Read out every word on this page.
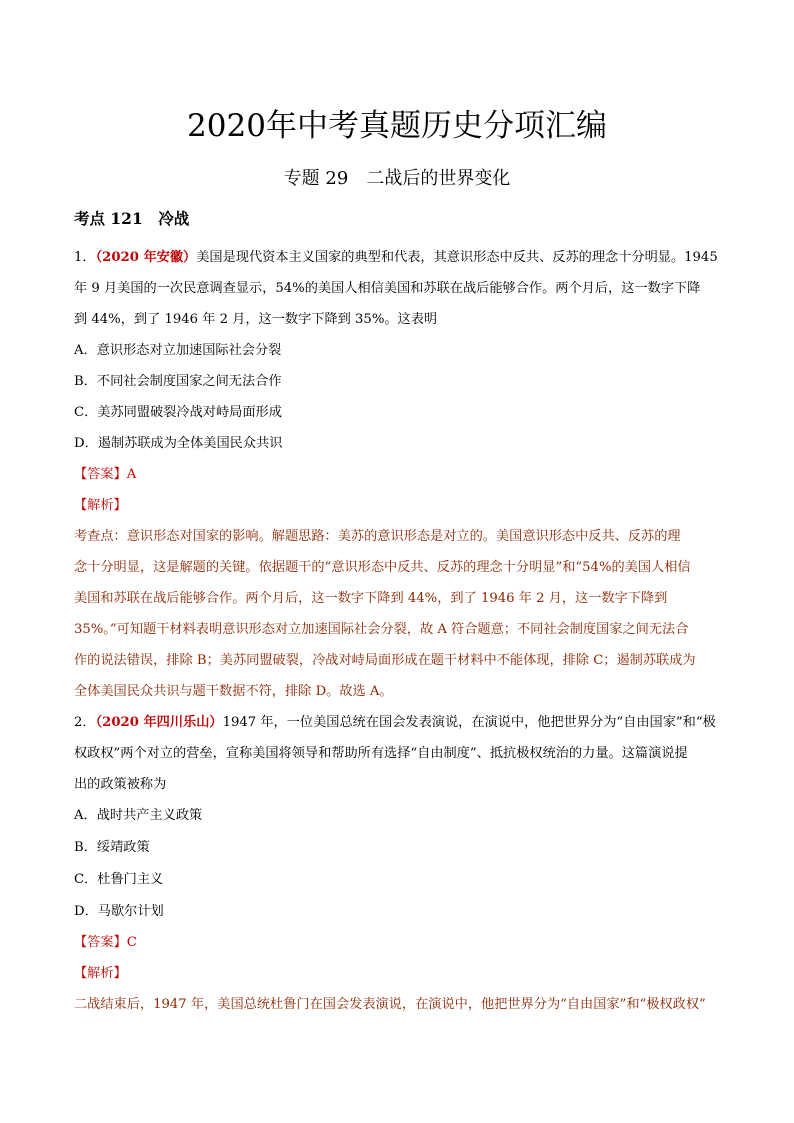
2020年中考真题历史分项汇编
专题 29　二战后的世界变化
考点 121　冷战
1．（2020 年安徽）美国是现代资本主义国家的典型和代表，其意识形态中反共、反苏的理念十分明显。1945
年 9 月美国的一次民意调查显示，54%的美国人相信美国和苏联在战后能够合作。两个月后，这一数字下降
到 44%，到了 1946 年 2 月，这一数字下降到 35%。这表明
A．意识形态对立加速国际社会分裂
B．不同社会制度国家之间无法合作
C．美苏同盟破裂冷战对峙局面形成
D．遏制苏联成为全体美国民众共识
【答案】A
【解析】
考查点：意识形态对国家的影响。解题思路：美苏的意识形态是对立的。美国意识形态中反共、反苏的理
念十分明显，这是解题的关键。依据题干的“意识形态中反共、反苏的理念十分明显”和“54%的美国人相信
美国和苏联在战后能够合作。两个月后，这一数字下降到 44%，到了 1946 年 2 月，这一数字下降到
35%。”可知题干材料表明意识形态对立加速国际社会分裂，故 A 符合题意；不同社会制度国家之间无法合
作的说法错误，排除 B；美苏同盟破裂，冷战对峙局面形成在题干材料中不能体现，排除 C；遏制苏联成为
全体美国民众共识与题干数据不符，排除 D。故选 A。
2．（2020 年四川乐山）1947 年，一位美国总统在国会发表演说，在演说中，他把世界分为“自由国家”和“极
权政权”两个对立的营垒，宣称美国将领导和帮助所有选择“自由制度”、抵抗极权统治的力量。这篇演说提
出的政策被称为
A．战时共产主义政策
B．绥靖政策
C．杜鲁门主义
D．马歇尔计划
【答案】C
【解析】
二战结束后，1947 年，美国总统杜鲁门在国会发表演说，在演说中，他把世界分为“自由国家”和“极权政权”
